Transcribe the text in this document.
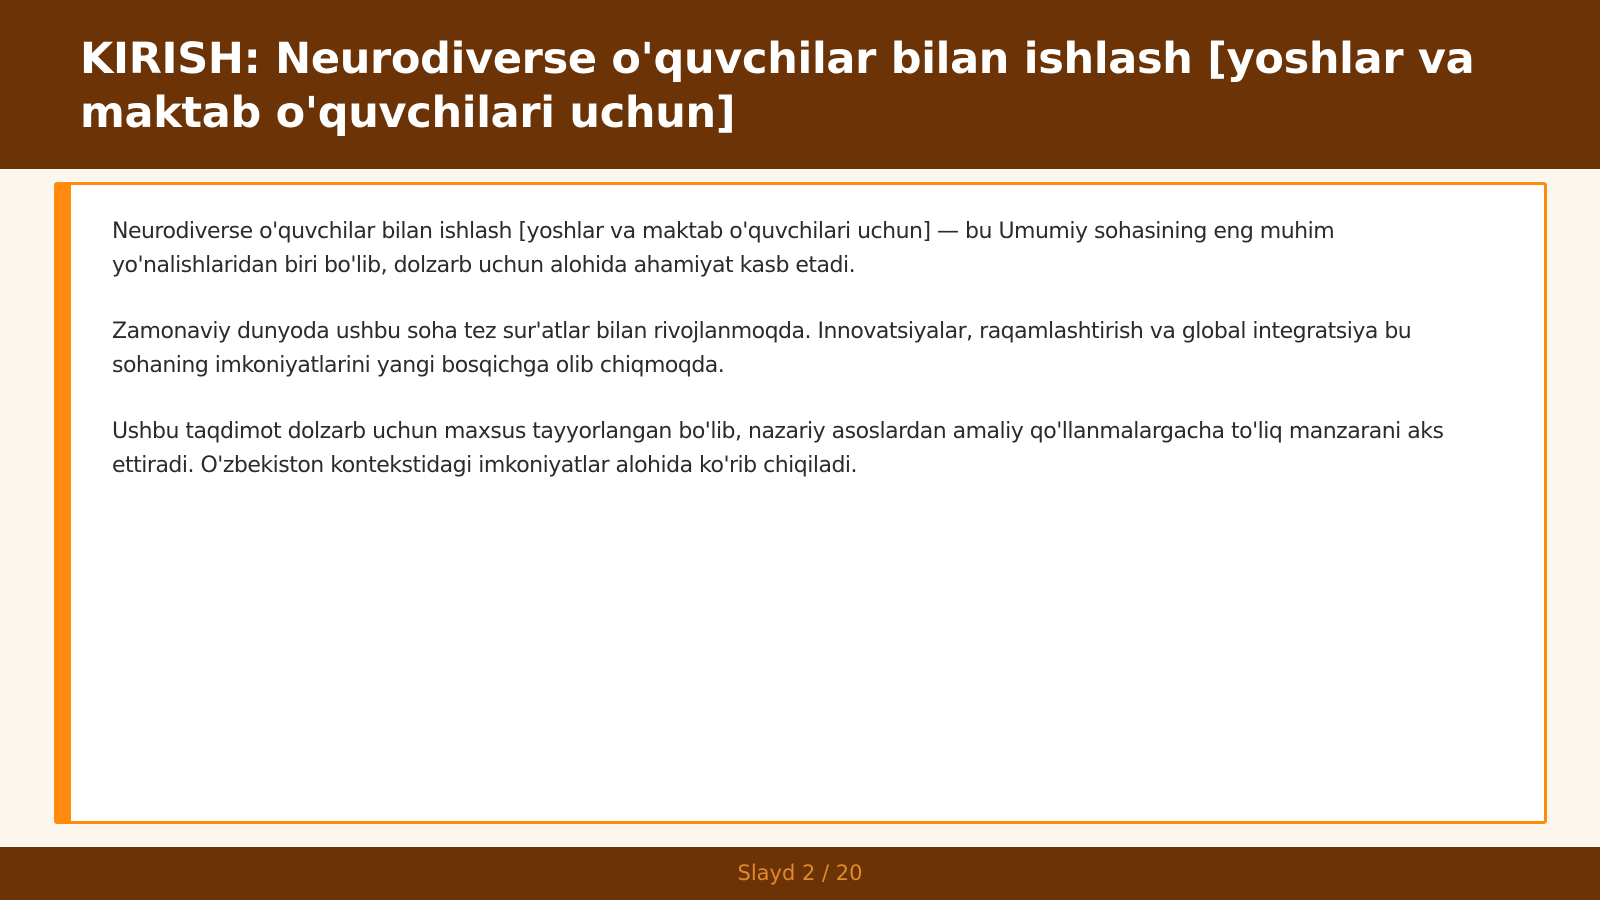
KIRISH: Neurodiverse o'quvchilar bilan ishlash [yoshlar va maktab o'quvchilari uchun]

Neurodiverse o'quvchilar bilan ishlash [yoshlar va maktab o'quvchilari uchun] — bu Umumiy sohasining eng muhim yo'nalishlaridan biri bo'lib, dolzarb uchun alohida ahamiyat kasb etadi.

Zamonaviy dunyoda ushbu soha tez sur'atlar bilan rivojlanmoqda. Innovatsiyalar, raqamlashtirish va global integratsiya bu sohaning imkoniyatlarini yangi bosqichga olib chiqmoqda.

Ushbu taqdimot dolzarb uchun maxsus tayyorlangan bo'lib, nazariy asoslardan amaliy qo'llanmalargacha to'liq manzarani aks ettiradi. O'zbekiston kontekstidagi imkoniyatlar alohida ko'rib chiqiladi.

Slayd 2 / 20
